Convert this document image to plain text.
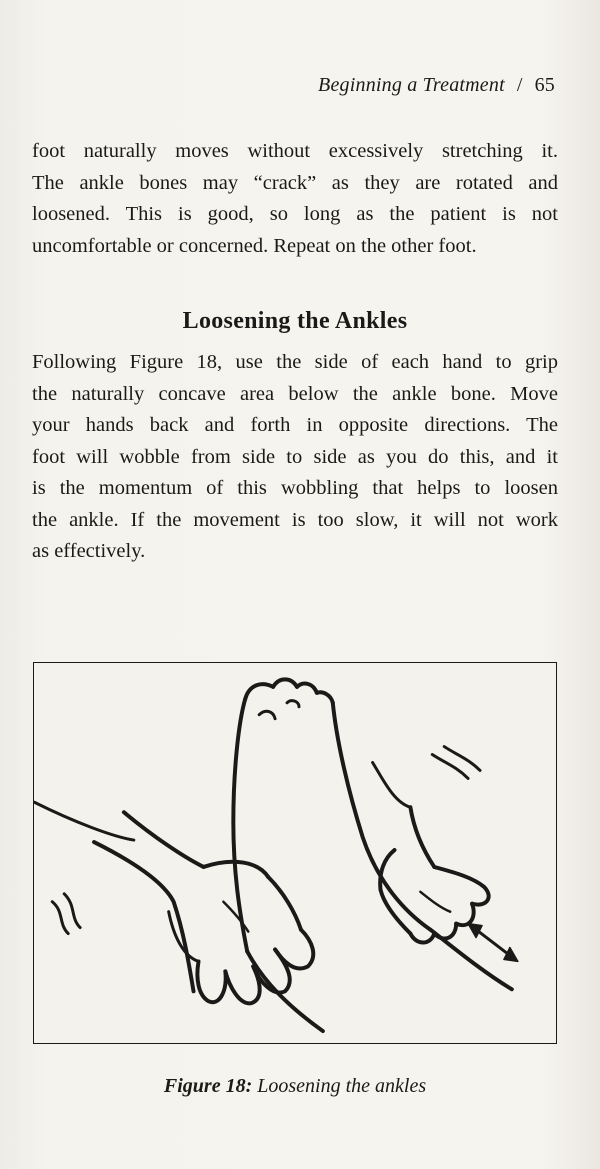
Beginning a Treatment / 65
foot naturally moves without excessively stretching it.
The ankle bones may “crack” as they are rotated and
loosened. This is good, so long as the patient is not
uncomfortable or concerned. Repeat on the other foot.
Loosening the Ankles
Following Figure 18, use the side of each hand to grip
the naturally concave area below the ankle bone. Move
your hands back and forth in opposite directions. The
foot will wobble from side to side as you do this, and it
is the momentum of this wobbling that helps to loosen
the ankle. If the movement is too slow, it will not work
as effectively.
Figure 18: Loosening the ankles
